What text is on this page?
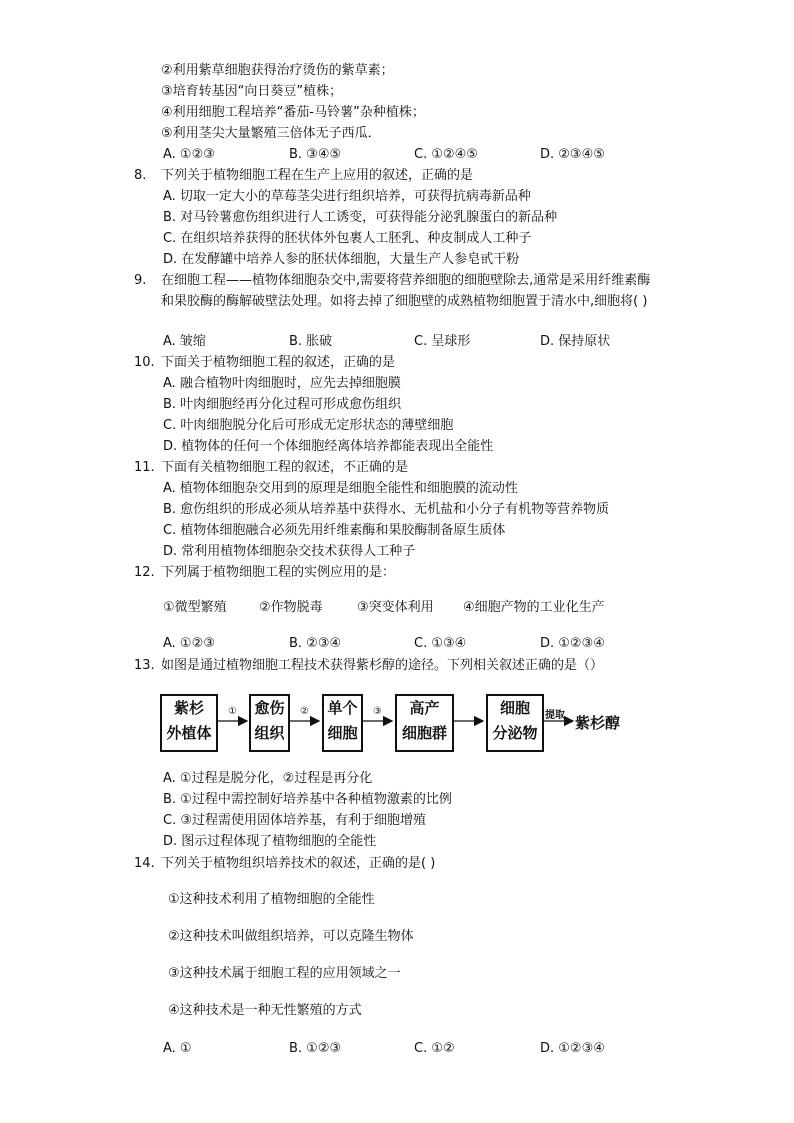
②利用紫草细胞获得治疗烫伤的紫草素；
③培育转基因“向日葵豆”植株；
④利用细胞工程培养“番茄-马铃薯”杂种植株；
⑤利用茎尖大量繁殖三倍体无子西瓜．
A. ①②③	B. ③④⑤	C. ①②④⑤	D. ②③④⑤
8. 下列关于植物细胞工程在生产上应用的叙述，正确的是
A. 切取一定大小的草莓茎尖进行组织培养，可获得抗病毒新品种
B. 对马铃薯愈伤组织进行人工诱变，可获得能分泌乳腺蛋白的新品种
C. 在组织培养获得的胚状体外包裹人工胚乳、种皮制成人工种子
D. 在发酵罐中培养人参的胚状体细胞，大量生产人参皂甙干粉
9. 在细胞工程——植物体细胞杂交中,需要将营养细胞的细胞壁除去,通常是采用纤维素酶和果胶酶的酶解破壁法处理。如将去掉了细胞壁的成熟植物细胞置于清水中,细胞将( )
A. 皱缩	B. 胀破	C. 呈球形	D. 保持原状
10. 下面关于植物细胞工程的叙述，正确的是
A. 融合植物叶肉细胞时，应先去掉细胞膜
B. 叶肉细胞经再分化过程可形成愈伤组织
C. 叶肉细胞脱分化后可形成无定形状态的薄壁细胞
D. 植物体的任何一个体细胞经离体培养都能表现出全能性
11. 下面有关植物细胞工程的叙述，不正确的是
A. 植物体细胞杂交用到的原理是细胞全能性和细胞膜的流动性
B. 愈伤组织的形成必须从培养基中获得水、无机盐和小分子有机物等营养物质
C. 植物体细胞融合必须先用纤维素酶和果胶酶制备原生质体
D. 常利用植物体细胞杂交技术获得人工种子
12. 下列属于植物细胞工程的实例应用的是：
①微型繁殖 ②作物脱毒	③突变体利用 ④细胞产物的工业化生产
A. ①②③	B. ②③④	C. ①③④	D. ①②③④
13. 如图是通过植物细胞工程技术获得紫杉醇的途径。下列相关叙述正确的是（）
紫杉
外植体
愈伤
组织
单个
细胞
高产
细胞群
细胞
分泌物
①	②	③	提取 紫杉醇
A. ①过程是脱分化，②过程是再分化
B. ①过程中需控制好培养基中各种植物激素的比例
C. ③过程需使用固体培养基，有利于细胞增殖
D. 图示过程体现了植物细胞的全能性
14. 下列关于植物组织培养技术的叙述，正确的是( )
①这种技术利用了植物细胞的全能性
②这种技术叫做组织培养，可以克隆生物体
③这种技术属于细胞工程的应用领域之一
④这种技术是一种无性繁殖的方式
A. ①	B. ①②③	C. ①②	D. ①②③④
